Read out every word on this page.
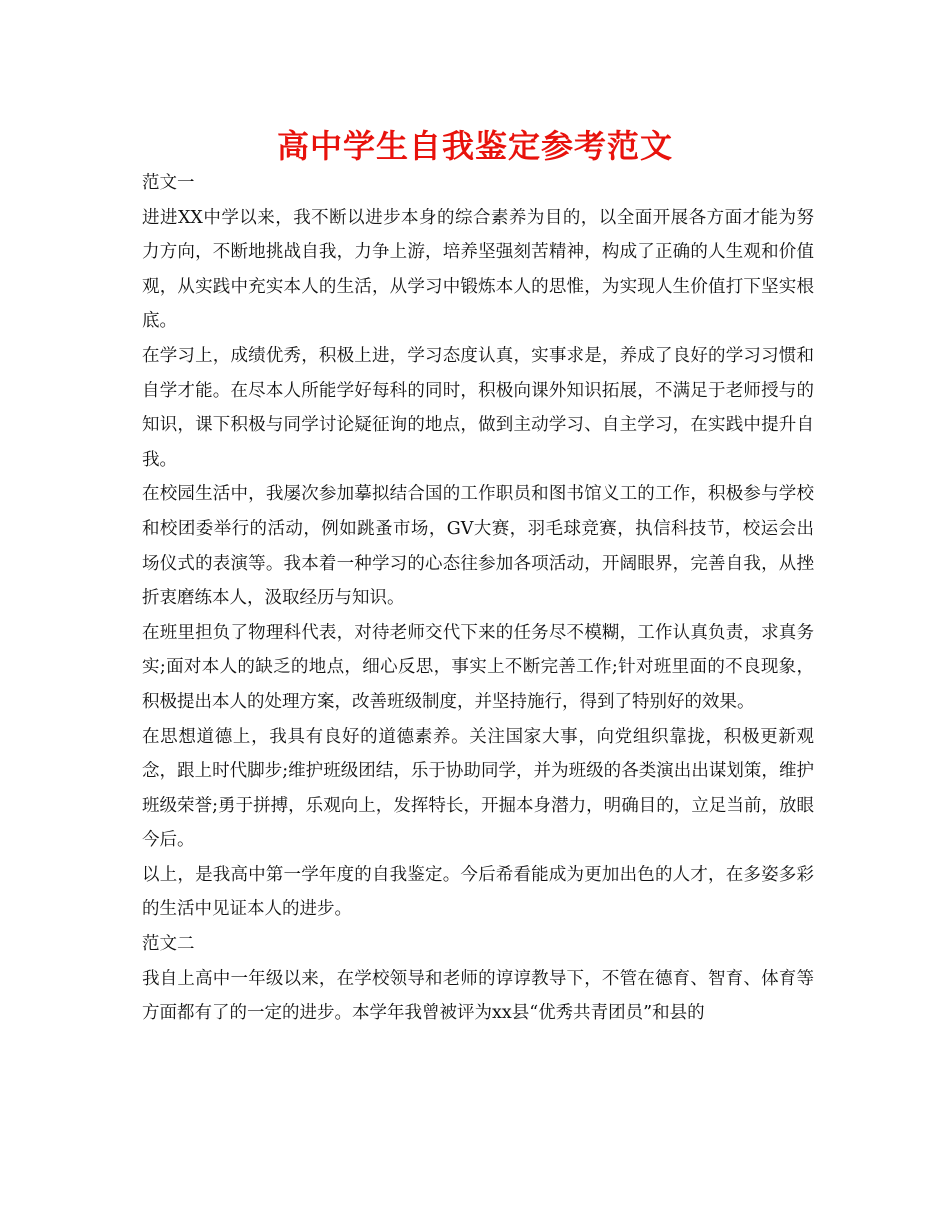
高中学生自我鉴定参考范文

范文一

进进XX中学以来，我不断以进步本身的综合素养为目的，以全面开展各方面才能为努力方向，不断地挑战自我，力争上游，培养坚强刻苦精神，构成了正确的人生观和价值观，从实践中充实本人的生活，从学习中锻炼本人的思惟，为实现人生价值打下坚实根底。

在学习上，成绩优秀，积极上进，学习态度认真，实事求是，养成了良好的学习习惯和自学才能。在尽本人所能学好每科的同时，积极向课外知识拓展，不满足于老师授与的知识，课下积极与同学讨论疑征询的地点，做到主动学习、自主学习，在实践中提升自我。

在校园生活中，我屡次参加摹拟结合国的工作职员和图书馆义工的工作，积极参与学校和校团委举行的活动，例如跳蚤市场，GV大赛，羽毛球竞赛，执信科技节，校运会出场仪式的表演等。我本着一种学习的心态往参加各项活动，开阔眼界，完善自我，从挫折衷磨练本人，汲取经历与知识。

在班里担负了物理科代表，对待老师交代下来的任务尽不模糊，工作认真负责，求真务实;面对本人的缺乏的地点，细心反思，事实上不断完善工作;针对班里面的不良现象，积极提出本人的处理方案，改善班级制度，并坚持施行，得到了特别好的效果。

在思想道德上，我具有良好的道德素养。关注国家大事，向党组织靠拢，积极更新观念，跟上时代脚步;维护班级团结，乐于协助同学，并为班级的各类演出出谋划策，维护班级荣誉;勇于拼搏，乐观向上，发挥特长，开掘本身潜力，明确目的，立足当前，放眼今后。

以上，是我高中第一学年度的自我鉴定。今后希看能成为更加出色的人才，在多姿多彩的生活中见证本人的进步。

范文二

我自上高中一年级以来，在学校领导和老师的谆谆教导下，不管在德育、智育、体育等方面都有了的一定的进步。本学年我曾被评为xx县“优秀共青团员”和县的
